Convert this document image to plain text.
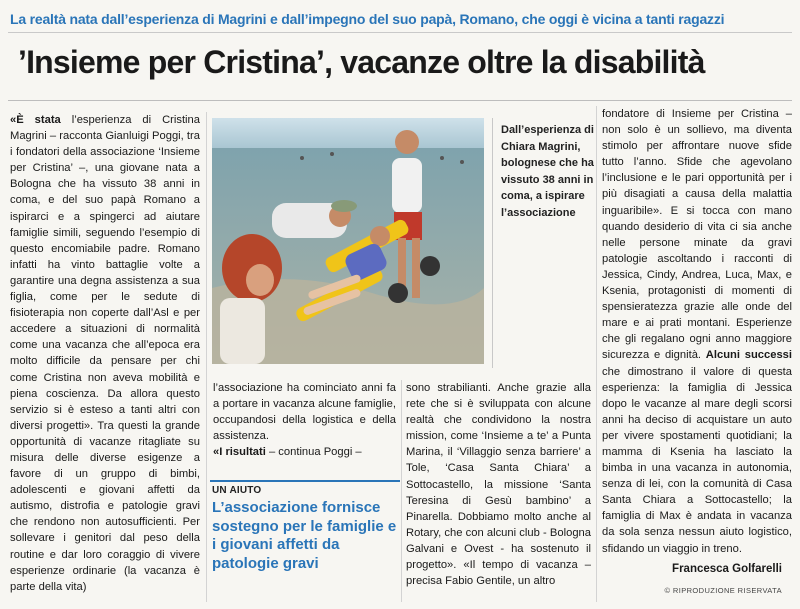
La realtà nata dall’esperienza di Magrini e dall’impegno del suo papà, Romano, che oggi è vicina a tanti ragazzi
’Insieme per Cristina’, vacanze oltre la disabilità

«È stata l’esperienza di Cristina Magrini – racconta Gianluigi Poggi, tra i fondatori della associazione ‘Insieme per Cristina’ –, una giovane nata a Bologna che ha vissuto 38 anni in coma, e del suo papà Romano a ispirarci e a spingerci ad aiutare famiglie simili, seguendo l’esempio di questo encomiabile padre. Romano infatti ha vinto battaglie volte a garantire una degna assistenza a sua figlia, come per le sedute di fisioterapia non coperte dall’Asl e per accedere a situazioni di normalità come una vacanza che all’epoca era molto difficile da pensare per chi come Cristina non aveva mobilità e piena coscienza. Da allora questo servizio si è esteso a tanti altri con diversi progetti». Tra questi la grande opportunità di vacanze ritagliate su misura delle diverse esigenze a favore di un gruppo di bimbi, adolescenti e giovani affetti da autismo, distrofia e patologie gravi che rendono non autosufficienti. Per sollevare i genitori dal peso della routine e dar loro coraggio di vivere esperienze ordinarie (la vacanza è parte della vita)

Dall’esperienza di Chiara Magrini, bolognese che ha vissuto 38 anni in coma, a ispirare l’associazione

l’associazione ha cominciato anni fa a portare in vacanza alcune famiglie, occupandosi della logistica e della assistenza.
«I risultati – continua Poggi –

UN AIUTO
L’associazione fornisce sostegno per le famiglie e i giovani affetti da patologie gravi

sono strabilianti. Anche grazie alla rete che si è sviluppata con alcune realtà che condividono la nostra mission, come ‘Insieme a te’ a Punta Marina, il ‘Villaggio senza barriere’ a Tole, ‘Casa Santa Chiara’ a Sottocastello, la missione ‘Santa Teresina di Gesù bambino’ a Pinarella. Dobbiamo molto anche al Rotary, che con alcuni club - Bologna Galvani e Ovest - ha sostenuto il progetto». «Il tempo di vacanza – precisa Fabio Gentile, un altro

fondatore di Insieme per Cristina – non solo è un sollievo, ma diventa stimolo per affrontare nuove sfide tutto l’anno. Sfide che agevolano l’inclusione e le pari opportunità per i più disagiati a causa della malattia inguaribile». E si tocca con mano quando desiderio di vita ci sia anche nelle persone minate da gravi patologie ascoltando i racconti di Jessica, Cindy, Andrea, Luca, Max, e Ksenia, protagonisti di momenti di spensieratezza grazie alle onde del mare e ai prati montani. Esperienze che gli regalano ogni anno maggiore sicurezza e dignità. Alcuni successi che dimostrano il valore di questa esperienza: la famiglia di Jessica dopo le vacanze al mare degli scorsi anni ha deciso di acquistare un auto per vivere spostamenti quotidiani; la mamma di Ksenia ha lasciato la bimba in una vacanza in autonomia, senza di lei, con la comunità di Casa Santa Chiara a Sottocastello; la famiglia di Max è andata in vacanza da sola senza nessun aiuto logistico, sfidando un viaggio in treno.

Francesca Golfarelli
© RIPRODUZIONE RISERVATA
